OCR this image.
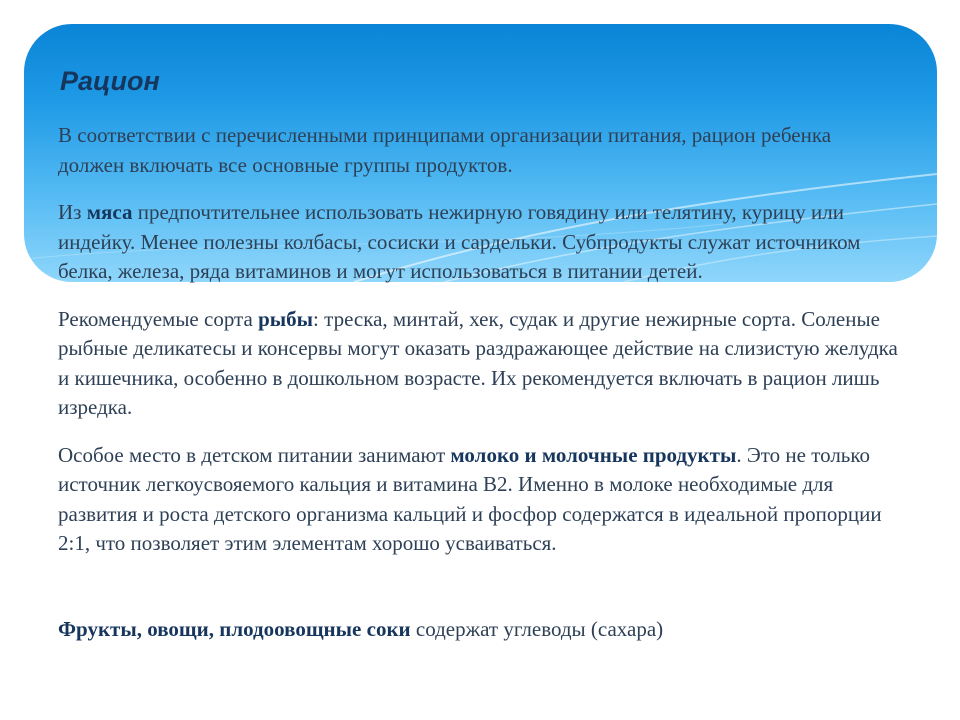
Рацион

В соответствии с перечисленными принципами организации питания, рацион ребенка должен включать все основные группы продуктов.

Из мяса предпочтительнее использовать нежирную говядину или телятину, курицу или индейку. Менее полезны колбасы, сосиски и сардельки. Субпродукты служат источником белка, железа, ряда витаминов и могут использоваться в питании детей.

Рекомендуемые сорта рыбы: треска, минтай, хек, судак и другие нежирные сорта. Соленые рыбные деликатесы и консервы могут оказать раздражающее действие на слизистую желудка и кишечника, особенно в дошкольном возрасте. Их рекомендуется включать в рацион лишь изредка.

Особое место в детском питании занимают молоко и молочные продукты. Это не только источник легкоусвояемого кальция и витамина В2. Именно в молоке необходимые для развития и роста детского организма кальций и фосфор содержатся в идеальной пропорции 2:1, что позволяет этим элементам хорошо усваиваться.

Фрукты, овощи, плодоовощные соки содержат углеводы (сахара)
